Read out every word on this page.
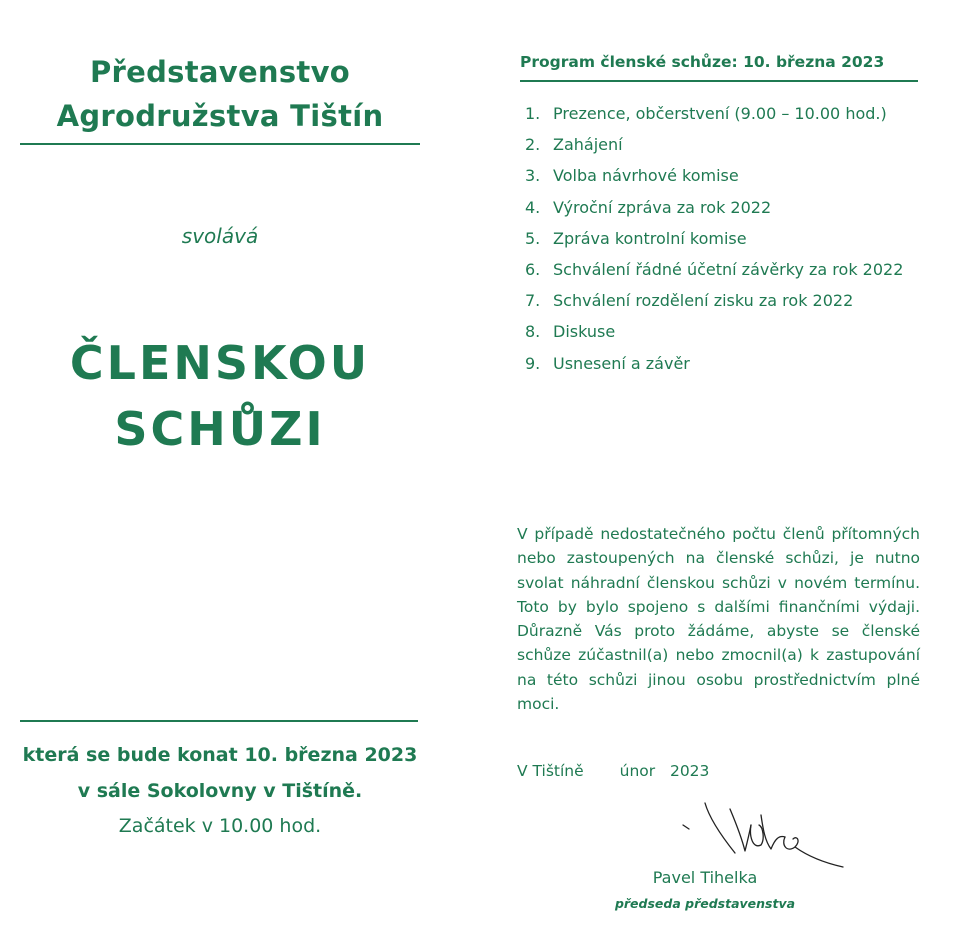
Představenstvo
Agrodružstva Tištín
svolává
ČLENSKOU
SCHŮZI
která se bude konat 10. března 2023
v sále Sokolovny v Tištíně.
Začátek v 10.00 hod.
Program členské schůze: 10. března 2023
1. Prezence, občerstvení (9.00 – 10.00 hod.)
2. Zahájení
3. Volba návrhové komise
4. Výroční zpráva za rok 2022
5. Zpráva kontrolní komise
6. Schválení řádné účetní závěrky za rok 2022
7. Schválení rozdělení zisku za rok 2022
8. Diskuse
9. Usnesení a závěr

V případě nedostatečného počtu členů přítomných nebo zastoupených na členské schůzi, je nutno svolat náhradní členskou schůzi v novém termínu. Toto by bylo spojeno s dalšími finančními výdaji. Důrazně Vás proto žádáme, abyste se členské schůze zúčastnil(a) nebo zmocnil(a) k zastupování na této schůzi jinou osobu prostřednictvím plné moci.

V Tištíně únor 2023
Pavel Tihelka
předseda představenstva
